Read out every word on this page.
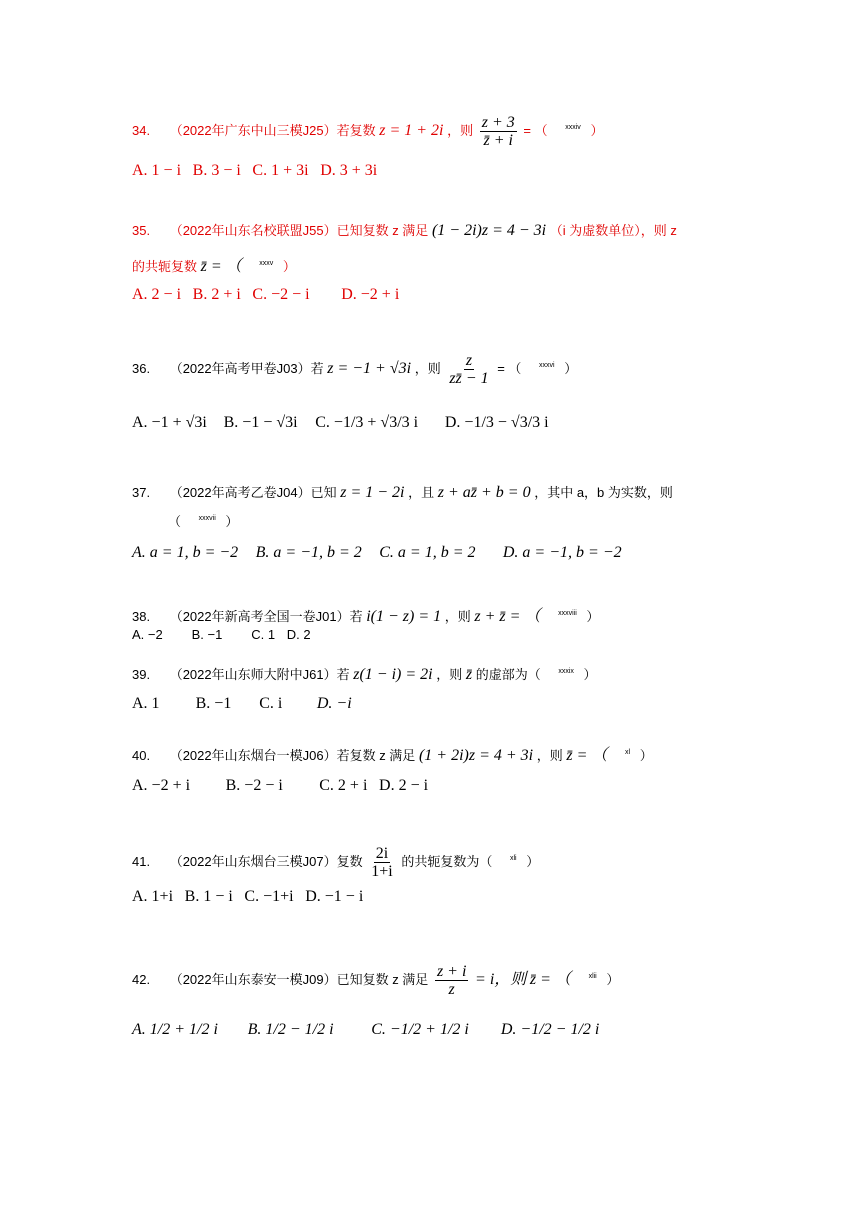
34. （2022年广东中山三模J25）若复数 z = 1 + 2i ，则 $\frac{z + 3}{z̄ + i}$ = （	$^{xxxiv}$ ）
A. 1 − i B. 3 − i C. 1 + 3i D. 3 + 3i
35. （2022年山东名校联盟J55）已知复数 z 满足 (1 − 2i)z = 4 − 3i （i 为虚数单位），则 z
的共轭复数 z̄ = （	$^{xxxv}$ ）
A. 2 − i B. 2 + i C. −2 − i D. −2 + i
36. （2022年高考甲卷J03）若 z = −1 + √3i ，则 $\frac{z}{zz̄ - 1}$ = （	$^{xxxvi}$ ）
A. −1 + √3i B. −1 − √3i C. −1/3 + √3/3 i D. −1/3 − √3/3 i
37. （2022年高考乙卷J04）已知 z = 1 − 2i ，且 z + az̄ + b = 0 ，其中 a，b 为实数，则
（	$^{xxxvii}$ ）
A. a = 1, b = −2 B. a = −1, b = 2 C. a = 1, b = 2 D. a = −1, b = −2
38. （2022年新高考全国一卷J01）若 i(1 − z) = 1 ，则 z + z̄ = （	$^{xxxviii}$ ）
A. −2 B. −1 C. 1 D. 2
39. （2022年山东师大附中J61）若 z(1 − i) = 2i ，则 z̄ 的虚部为（	$^{xxxix}$ ）
A. 1 B. −1 C. i D. −i
40. （2022年山东烟台一模J06）若复数 z 满足 (1 + 2i)z = 4 + 3i ，则 z̄ = （	$^{xl}$ ）
A. −2 + i B. −2 − i C. 2 + i D. 2 − i
41. （2022年山东烟台三模J07）复数 $\frac{2i}{1+i}$ 的共轭复数为（	$^{xli}$ ）
A. 1+i B. 1 − i C. −1+i D. −1 − i
42. （2022年山东泰安一模J09）已知复数 z 满足 $\frac{z + i}{z} = i$，则 z̄ = （	$^{xlii}$ ）
A. 1/2 + 1/2 i B. 1/2 − 1/2 i C. −1/2 + 1/2 i D. −1/2 − 1/2 i
